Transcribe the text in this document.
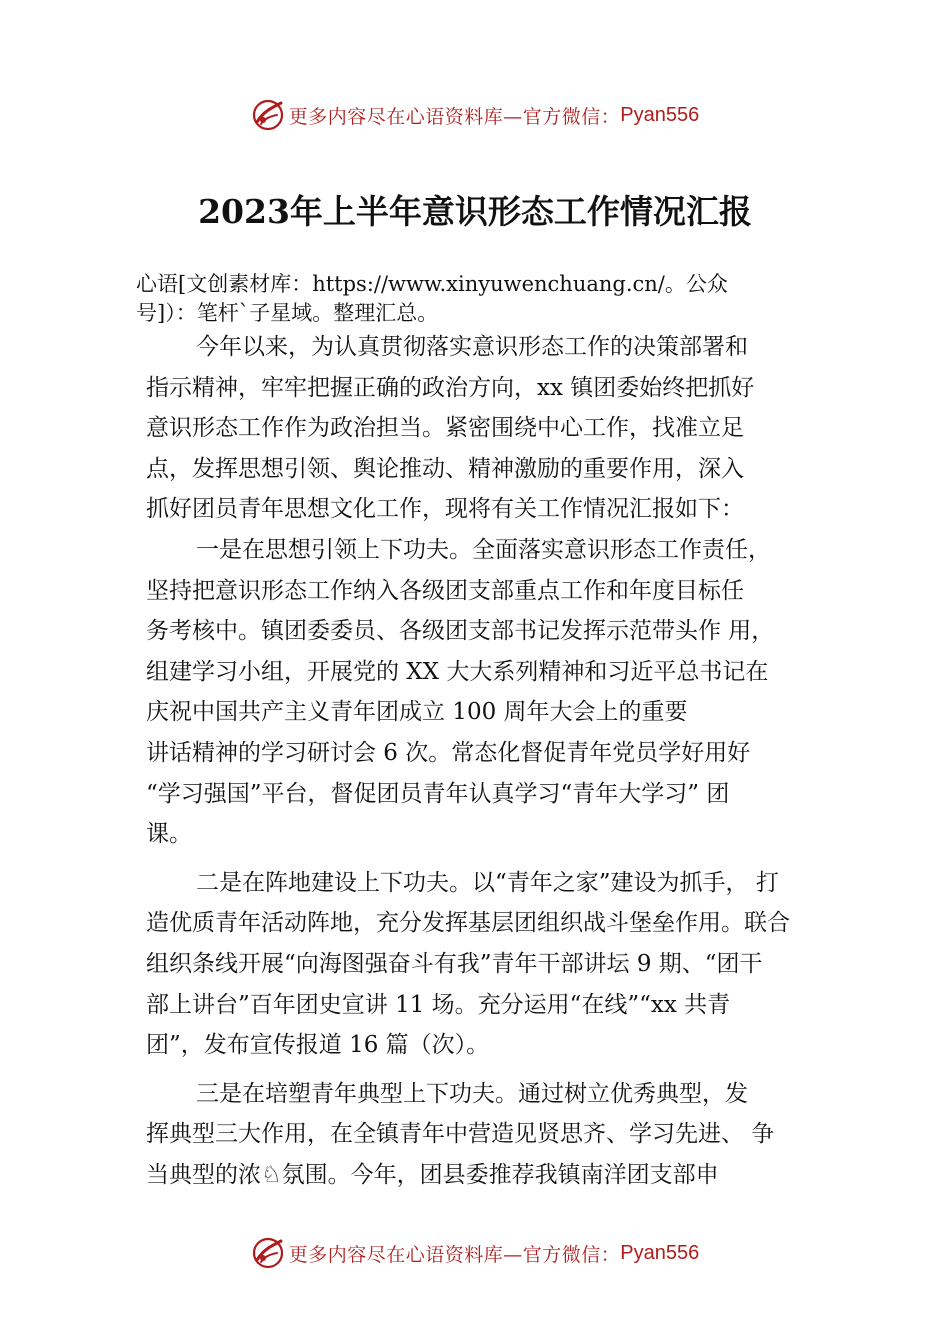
更多内容尽在心语资料库—官方微信： Pyan556
2023年上半年意识形态工作情况汇报
心语[文创素材库：https://www.xinyuwenchuang.cn/。公众
号]）：笔杆`子星域。整理汇总。

今年以来，为认真贯彻落实意识形态工作的决策部署和
指示精神，牢牢把握正确的政治方向，xx 镇团委始终把抓好
意识形态工作作为政治担当。紧密围绕中心工作，找准立足
点，发挥思想引领、舆论推动、精神激励的重要作用，深入
抓好团员青年思想文化工作，现将有关工作情况汇报如下：

一是在思想引领上下功夫。全面落实意识形态工作责任，
坚持把意识形态工作纳入各级团支部重点工作和年度目标任
务考核中。镇团委委员、各级团支部书记发挥示范带头作 用，
组建学习小组，开展党的 XX 大大系列精神和习近平总书记在
庆祝中国共产主义青年团成立 100 周年大会上的重要
讲话精神的学习研讨会 6 次。常态化督促青年党员学好用好
“学习强国”平台，督促团员青年认真学习“青年大学习” 团
课。

二是在阵地建设上下功夫。以“青年之家”建设为抓手， 打
造优质青年活动阵地，充分发挥基层团组织战斗堡垒作用。联合
组织条线开展“向海图强奋斗有我”青年干部讲坛 9 期、“团干
部上讲台”百年团史宣讲 11 场。充分运用“在线”“xx 共青
团”，发布宣传报道 16 篇（次）。

三是在培塑青年典型上下功夫。通过树立优秀典型，发
挥典型三大作用，在全镇青年中营造见贤思齐、学习先进、 争
当典型的浓♘氛围。今年，团县委推荐我镇南洋团支部申

更多内容尽在心语资料库—官方微信： Pyan556
